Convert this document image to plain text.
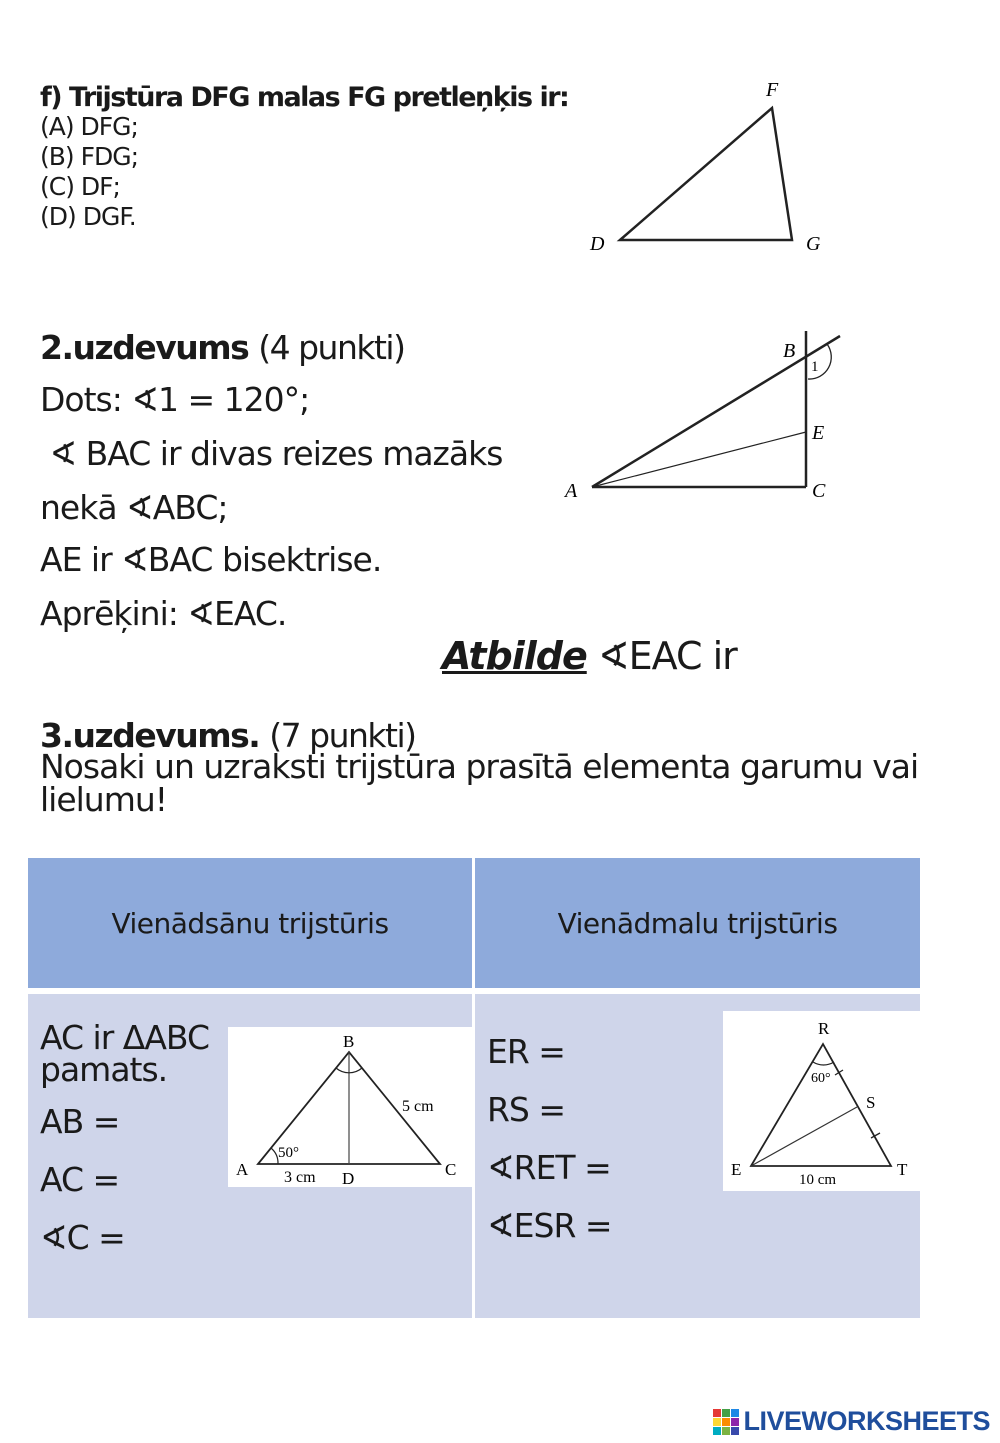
f) Trijstūra DFG malas FG pretleņķis ir:
(A) DFG;
(B) FDG;
(C) DF;
(D) DGF.
D
F
G
2.uzdevums (4 punkti)
Dots: ∢1 = 120°;
∢ BAC ir divas reizes mazāks
nekā ∢ABC;
AE ir ∢BAC bisektrise.
Aprēķini: ∢EAC.
A
B
C
E
1
Atbilde ∢EAC ir
3.uzdevums. (7 punkti)
Nosaki un uzraksti trijstūra prasītā elementa garumu vai lielumu!
Vienādsānu trijstūris	Vienādmalu trijstūris
AC ir ΔABC
pamats.
AB =
AC =
∢C =
B
A	C
D
5 cm
3 cm
50°
ER =
RS =
∢RET =
∢ESR =
R
S
E	T
60°
10 cm
LIVEWORKSHEETS
